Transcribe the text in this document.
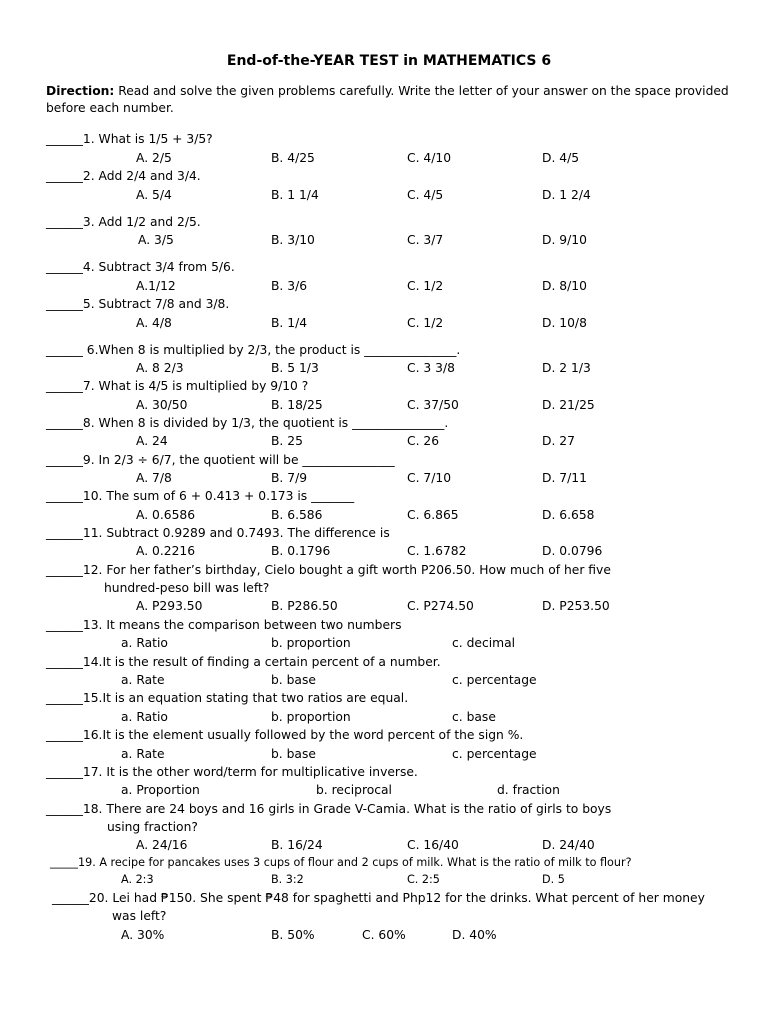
End-of-the-YEAR TEST in MATHEMATICS 6
Direction: Read and solve the given problems carefully. Write the letter of your answer on the space provided
before each number.
______1. What is 1/5 + 3/5?
A. 2/5	B. 4/25	C. 4/10	D. 4/5
______2. Add 2/4 and 3/4.
A. 5/4	B. 1 1/4	C. 4/5	D. 1 2/4
______3. Add 1/2 and 2/5.
A. 3/5	B. 3/10	C. 3/7	D. 9/10
______4. Subtract 3/4 from 5/6.
A.1/12	B. 3/6	C. 1/2	D. 8/10
______5. Subtract 7/8 and 3/8.
A. 4/8	B. 1/4	C. 1/2	D. 10/8
______ 6.When 8 is multiplied by 2/3, the product is _______________.
A. 8 2/3	B. 5 1/3	C. 3 3/8	D. 2 1/3
______7. What is 4/5 is multiplied by 9/10 ?
A. 30/50	B. 18/25	C. 37/50	D. 21/25
______8. When 8 is divided by 1/3, the quotient is _______________.
A. 24	B. 25	C. 26	D. 27
______9. In 2/3 ÷ 6/7, the quotient will be _______________
A. 7/8	B. 7/9	C. 7/10	D. 7/11
______10. The sum of 6 + 0.413 + 0.173 is _______
A. 0.6586	B. 6.586	C. 6.865	D. 6.658
______11. Subtract 0.9289 and 0.7493. The difference is
A. 0.2216	B. 0.1796	C. 1.6782	D. 0.0796
______12. For her father’s birthday, Cielo bought a gift worth P206.50. How much of her five
hundred-peso bill was left?
A. P293.50	B. P286.50	C. P274.50	D. P253.50
______13. It means the comparison between two numbers
a. Ratio	b. proportion	c. decimal
______14.It is the result of finding a certain percent of a number.
a. Rate	b. base	c. percentage
______15.It is an equation stating that two ratios are equal.
a. Ratio	b. proportion	c. base
______16.It is the element usually followed by the word percent of the sign %.
a. Rate	b. base	c. percentage
______17. It is the other word/term for multiplicative inverse.
a. Proportion	b. reciprocal	d. fraction
______18. There are 24 boys and 16 girls in Grade V-Camia. What is the ratio of girls to boys
using fraction?
A. 24/16	B. 16/24	C. 16/40	D. 24/40
_____19. A recipe for pancakes uses 3 cups of flour and 2 cups of milk. What is the ratio of milk to flour?
A. 2:3	B. 3:2	C. 2:5	D. 5
______20. Lei had ₱150. She spent ₱48 for spaghetti and Php12 for the drinks. What percent of her money
was left?
A. 30%	B. 50%	C. 60%	D. 40%
